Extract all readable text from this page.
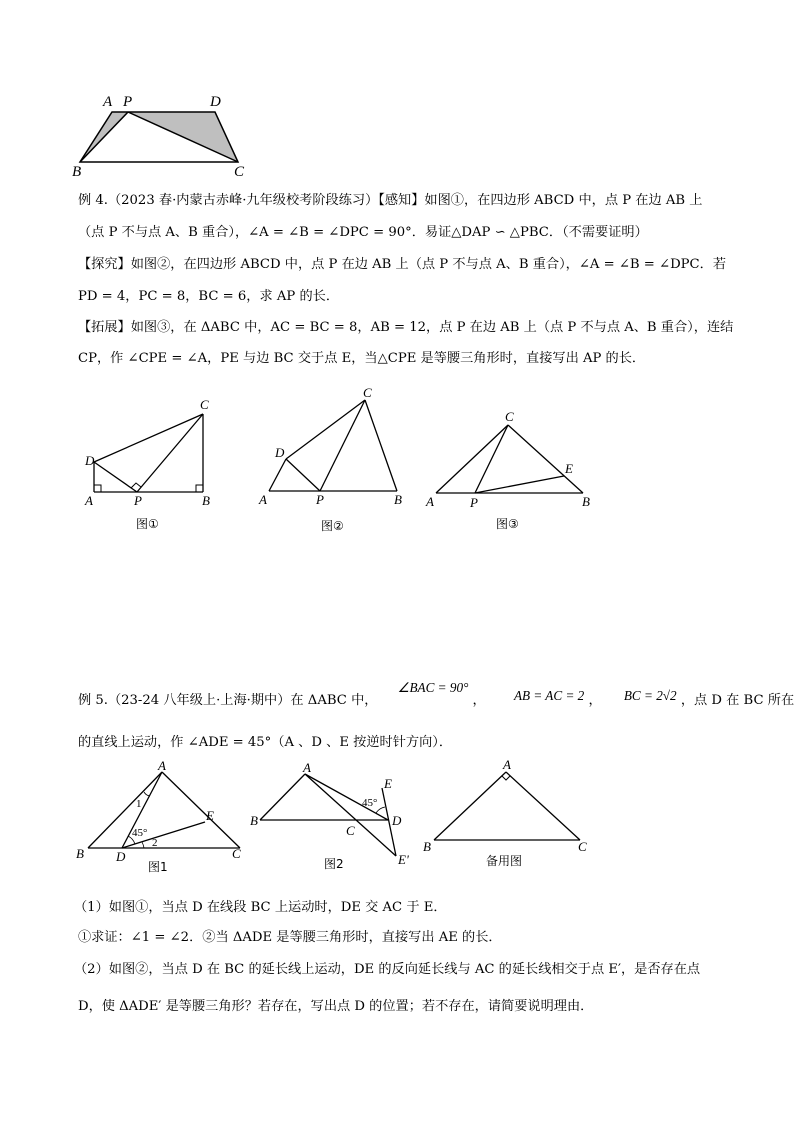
A P	D
B	C
例 4.（2023 春·内蒙古赤峰·九年级校考阶段练习）【感知】如图①，在四边形 ABCD 中，点 P 在边 AB 上
（点 P 不与点 A、B 重合），∠A = ∠B = ∠DPC = 90°．易证△DAP ∽ △PBC．（不需要证明）
【探究】如图②，在四边形 ABCD 中，点 P 在边 AB 上（点 P 不与点 A、B 重合），∠A = ∠B = ∠DPC．若
PD = 4，PC = 8，BC = 6，求 AP 的长．
【拓展】如图③，在 ΔABC 中，AC = BC = 8，AB = 12，点 P 在边 AB 上（点 P 不与点 A、B 重合），连结
CP，作 ∠CPE = ∠A，PE 与边 BC 交于点 E，当△CPE 是等腰三角形时，直接写出 AP 的长．
A	B
C
D
P
图①
A	B
C
D
P
图②
A	B
C
E
P
图③
例 5.（23-24 八年级上·上海·期中）在 ΔABC 中， ∠BAC = 90° ， AB = AC = 2 ， BC = 2√2 ，点 D 在 BC 所在
的直线上运动，作 ∠ADE = 45°（A 、D 、E 按逆时针方向）．
A
B	C
D
E
1
2
45°
图1
A
B
C
D
E
E'
45°
图2
A
B	C
备用图
（1）如图①，当点 D 在线段 BC 上运动时，DE 交 AC 于 E．
①求证：∠1 = ∠2．②当 ΔADE 是等腰三角形时，直接写出 AE 的长．
（2）如图②，当点 D 在 BC 的延长线上运动，DE 的反向延长线与 AC 的延长线相交于点 E′，是否存在点
D，使 ΔADE′ 是等腰三角形？若存在，写出点 D 的位置；若不存在，请简要说明理由．
